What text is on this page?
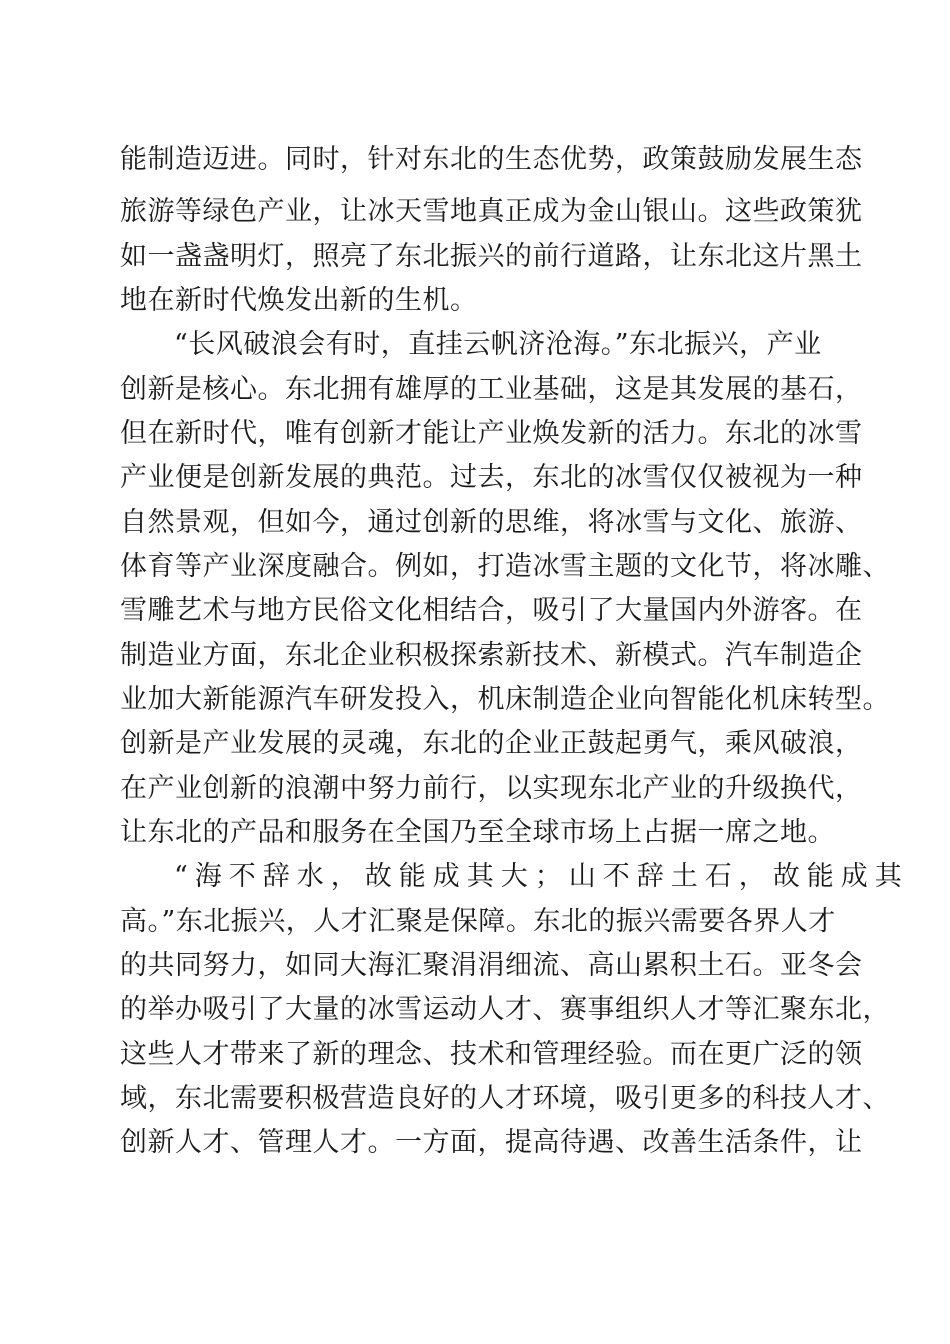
能制造迈进。同时，针对东北的生态优势，政策鼓励发展生态
旅游等绿色产业，让冰天雪地真正成为金山银山。这些政策犹
如一盏盏明灯，照亮了东北振兴的前行道路，让东北这片黑土
地在新时代焕发出新的生机。
“长风破浪会有时，直挂云帆济沧海。”东北振兴，产业
创新是核心。东北拥有雄厚的工业基础，这是其发展的基石，
但在新时代，唯有创新才能让产业焕发新的活力。东北的冰雪
产业便是创新发展的典范。过去，东北的冰雪仅仅被视为一种
自然景观，但如今，通过创新的思维，将冰雪与文化、旅游、
体育等产业深度融合。例如，打造冰雪主题的文化节，将冰雕、
雪雕艺术与地方民俗文化相结合，吸引了大量国内外游客。在
制造业方面，东北企业积极探索新技术、新模式。汽车制造企
业加大新能源汽车研发投入，机床制造企业向智能化机床转型。
创新是产业发展的灵魂，东北的企业正鼓起勇气，乘风破浪，
在产业创新的浪潮中努力前行，以实现东北产业的升级换代，
让东北的产品和服务在全国乃至全球市场上占据一席之地。
“海不辞水，故能成其大；山不辞土石，故能成其
高。”东北振兴，人才汇聚是保障。东北的振兴需要各界人才
的共同努力，如同大海汇聚涓涓细流、高山累积土石。亚冬会
的举办吸引了大量的冰雪运动人才、赛事组织人才等汇聚东北，
这些人才带来了新的理念、技术和管理经验。而在更广泛的领
域，东北需要积极营造良好的人才环境，吸引更多的科技人才、
创新人才、管理人才。一方面，提高待遇、改善生活条件，让
